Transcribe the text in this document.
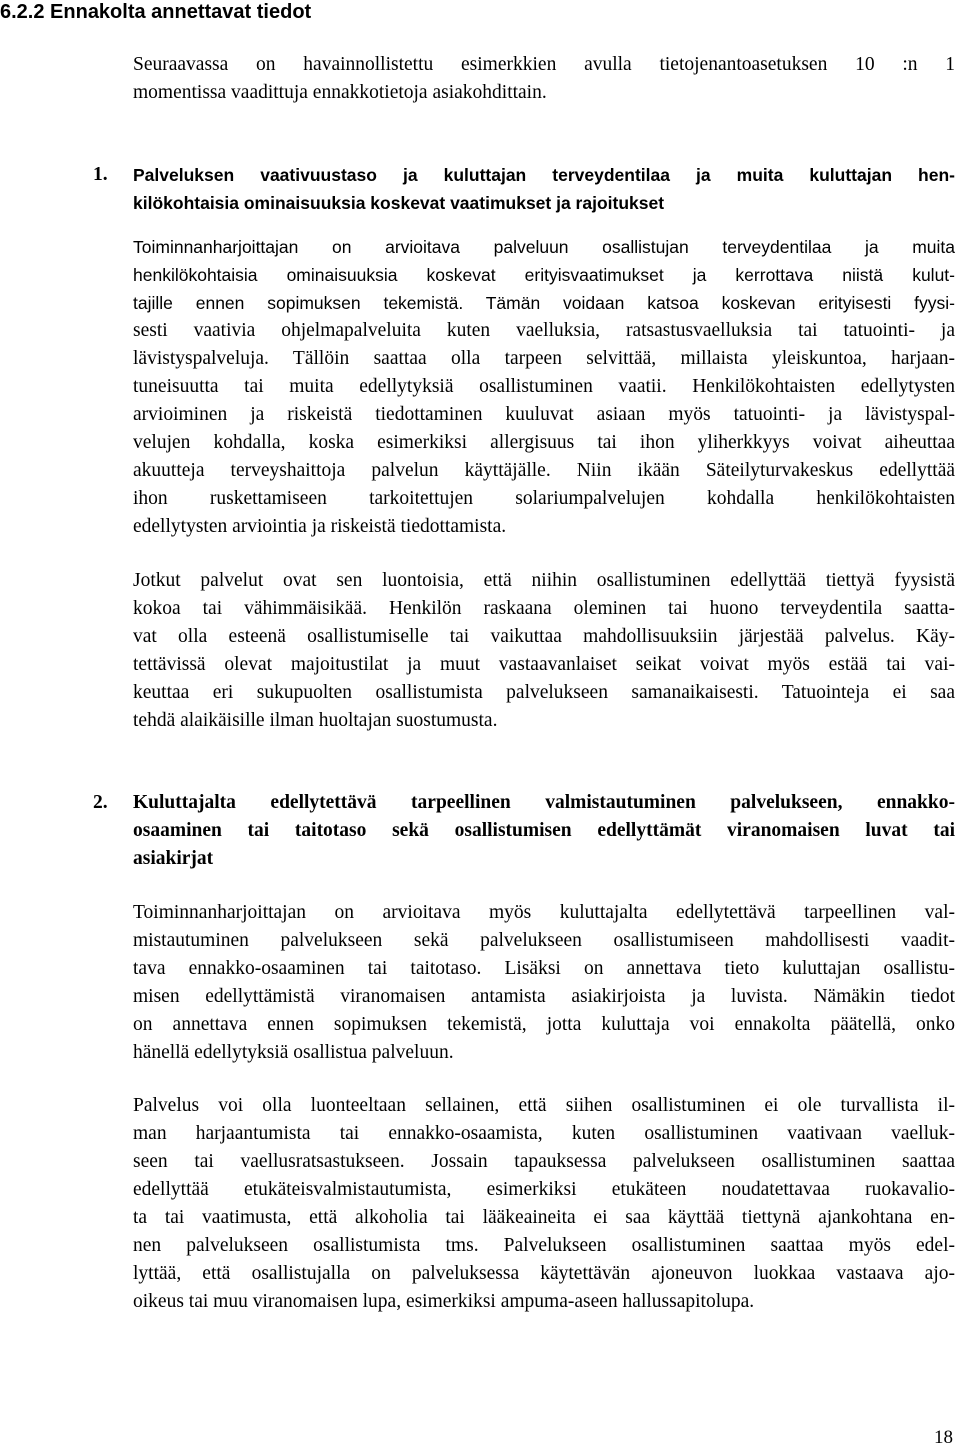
6.2.2 Ennakolta annettavat tiedot
Seuraavassa on havainnollistettu esimerkkien avulla tietojenantoasetuksen 10 :n 1
momentissa vaadittuja ennakkotietoja asiakohdittain.
1. Palveluksen vaativuustaso ja kuluttajan terveydentilaa ja muita kuluttajan hen-
kilökohtaisia ominaisuuksia koskevat vaatimukset ja rajoitukset
Toiminnanharjoittajan on arvioitava palveluun osallistujan terveydentilaa ja muita
henkilökohtaisia ominaisuuksia koskevat erityisvaatimukset ja kerrottava niistä kulut-
tajille ennen sopimuksen tekemistä. Tämän voidaan katsoa koskevan erityisesti fyysi-
sesti vaativia ohjelmapalveluita kuten vaelluksia, ratsastusvaelluksia tai tatuointi- ja
lävistyspalveluja. Tällöin saattaa olla tarpeen selvittää, millaista yleiskuntoa, harjaan-
tuneisuutta tai muita edellytyksiä osallistuminen vaatii. Henkilökohtaisten edellytysten
arvioiminen ja riskeistä tiedottaminen kuuluvat asiaan myös tatuointi- ja lävistyspal-
velujen kohdalla, koska esimerkiksi allergisuus tai ihon yliherkkyys voivat aiheuttaa
akuutteja terveyshaittoja palvelun käyttäjälle. Niin ikään Säteilyturvakeskus edellyttää
ihon ruskettamiseen tarkoitettujen solariumpalvelujen kohdalla henkilökohtaisten
edellytysten arviointia ja riskeistä tiedottamista.
Jotkut palvelut ovat sen luontoisia, että niihin osallistuminen edellyttää tiettyä fyysistä
kokoa tai vähimmäisikää. Henkilön raskaana oleminen tai huono terveydentila saatta-
vat olla esteenä osallistumiselle tai vaikuttaa mahdollisuuksiin järjestää palvelus. Käy-
tettävissä olevat majoitustilat ja muut vastaavanlaiset seikat voivat myös estää tai vai-
keuttaa eri sukupuolten osallistumista palvelukseen samanaikaisesti. Tatuointeja ei saa
tehdä alaikäisille ilman huoltajan suostumusta.
2. Kuluttajalta edellytettävä tarpeellinen valmistautuminen palvelukseen, ennakko-
osaaminen tai taitotaso sekä osallistumisen edellyttämät viranomaisen luvat tai
asiakirjat
Toiminnanharjoittajan on arvioitava myös kuluttajalta edellytettävä tarpeellinen val-
mistautuminen palvelukseen sekä palvelukseen osallistumiseen mahdollisesti vaadit-
tava ennakko-osaaminen tai taitotaso. Lisäksi on annettava tieto kuluttajan osallistu-
misen edellyttämistä viranomaisen antamista asiakirjoista ja luvista. Nämäkin tiedot
on annettava ennen sopimuksen tekemistä, jotta kuluttaja voi ennakolta päätellä, onko
hänellä edellytyksiä osallistua palveluun.
Palvelus voi olla luonteeltaan sellainen, että siihen osallistuminen ei ole turvallista il-
man harjaantumista tai ennakko-osaamista, kuten osallistuminen vaativaan vaelluk-
seen tai vaellusratsastukseen. Jossain tapauksessa palvelukseen osallistuminen saattaa
edellyttää etukäteisvalmistautumista, esimerkiksi etukäteen noudatettavaa ruokavalio-
ta tai vaatimusta, että alkoholia tai lääkeaineita ei saa käyttää tiettynä ajankohtana en-
nen palvelukseen osallistumista tms. Palvelukseen osallistuminen saattaa myös edel-
lyttää, että osallistujalla on palveluksessa käytettävän ajoneuvon luokkaa vastaava ajo-
oikeus tai muu viranomaisen lupa, esimerkiksi ampuma-aseen hallussapitolupa.
18
